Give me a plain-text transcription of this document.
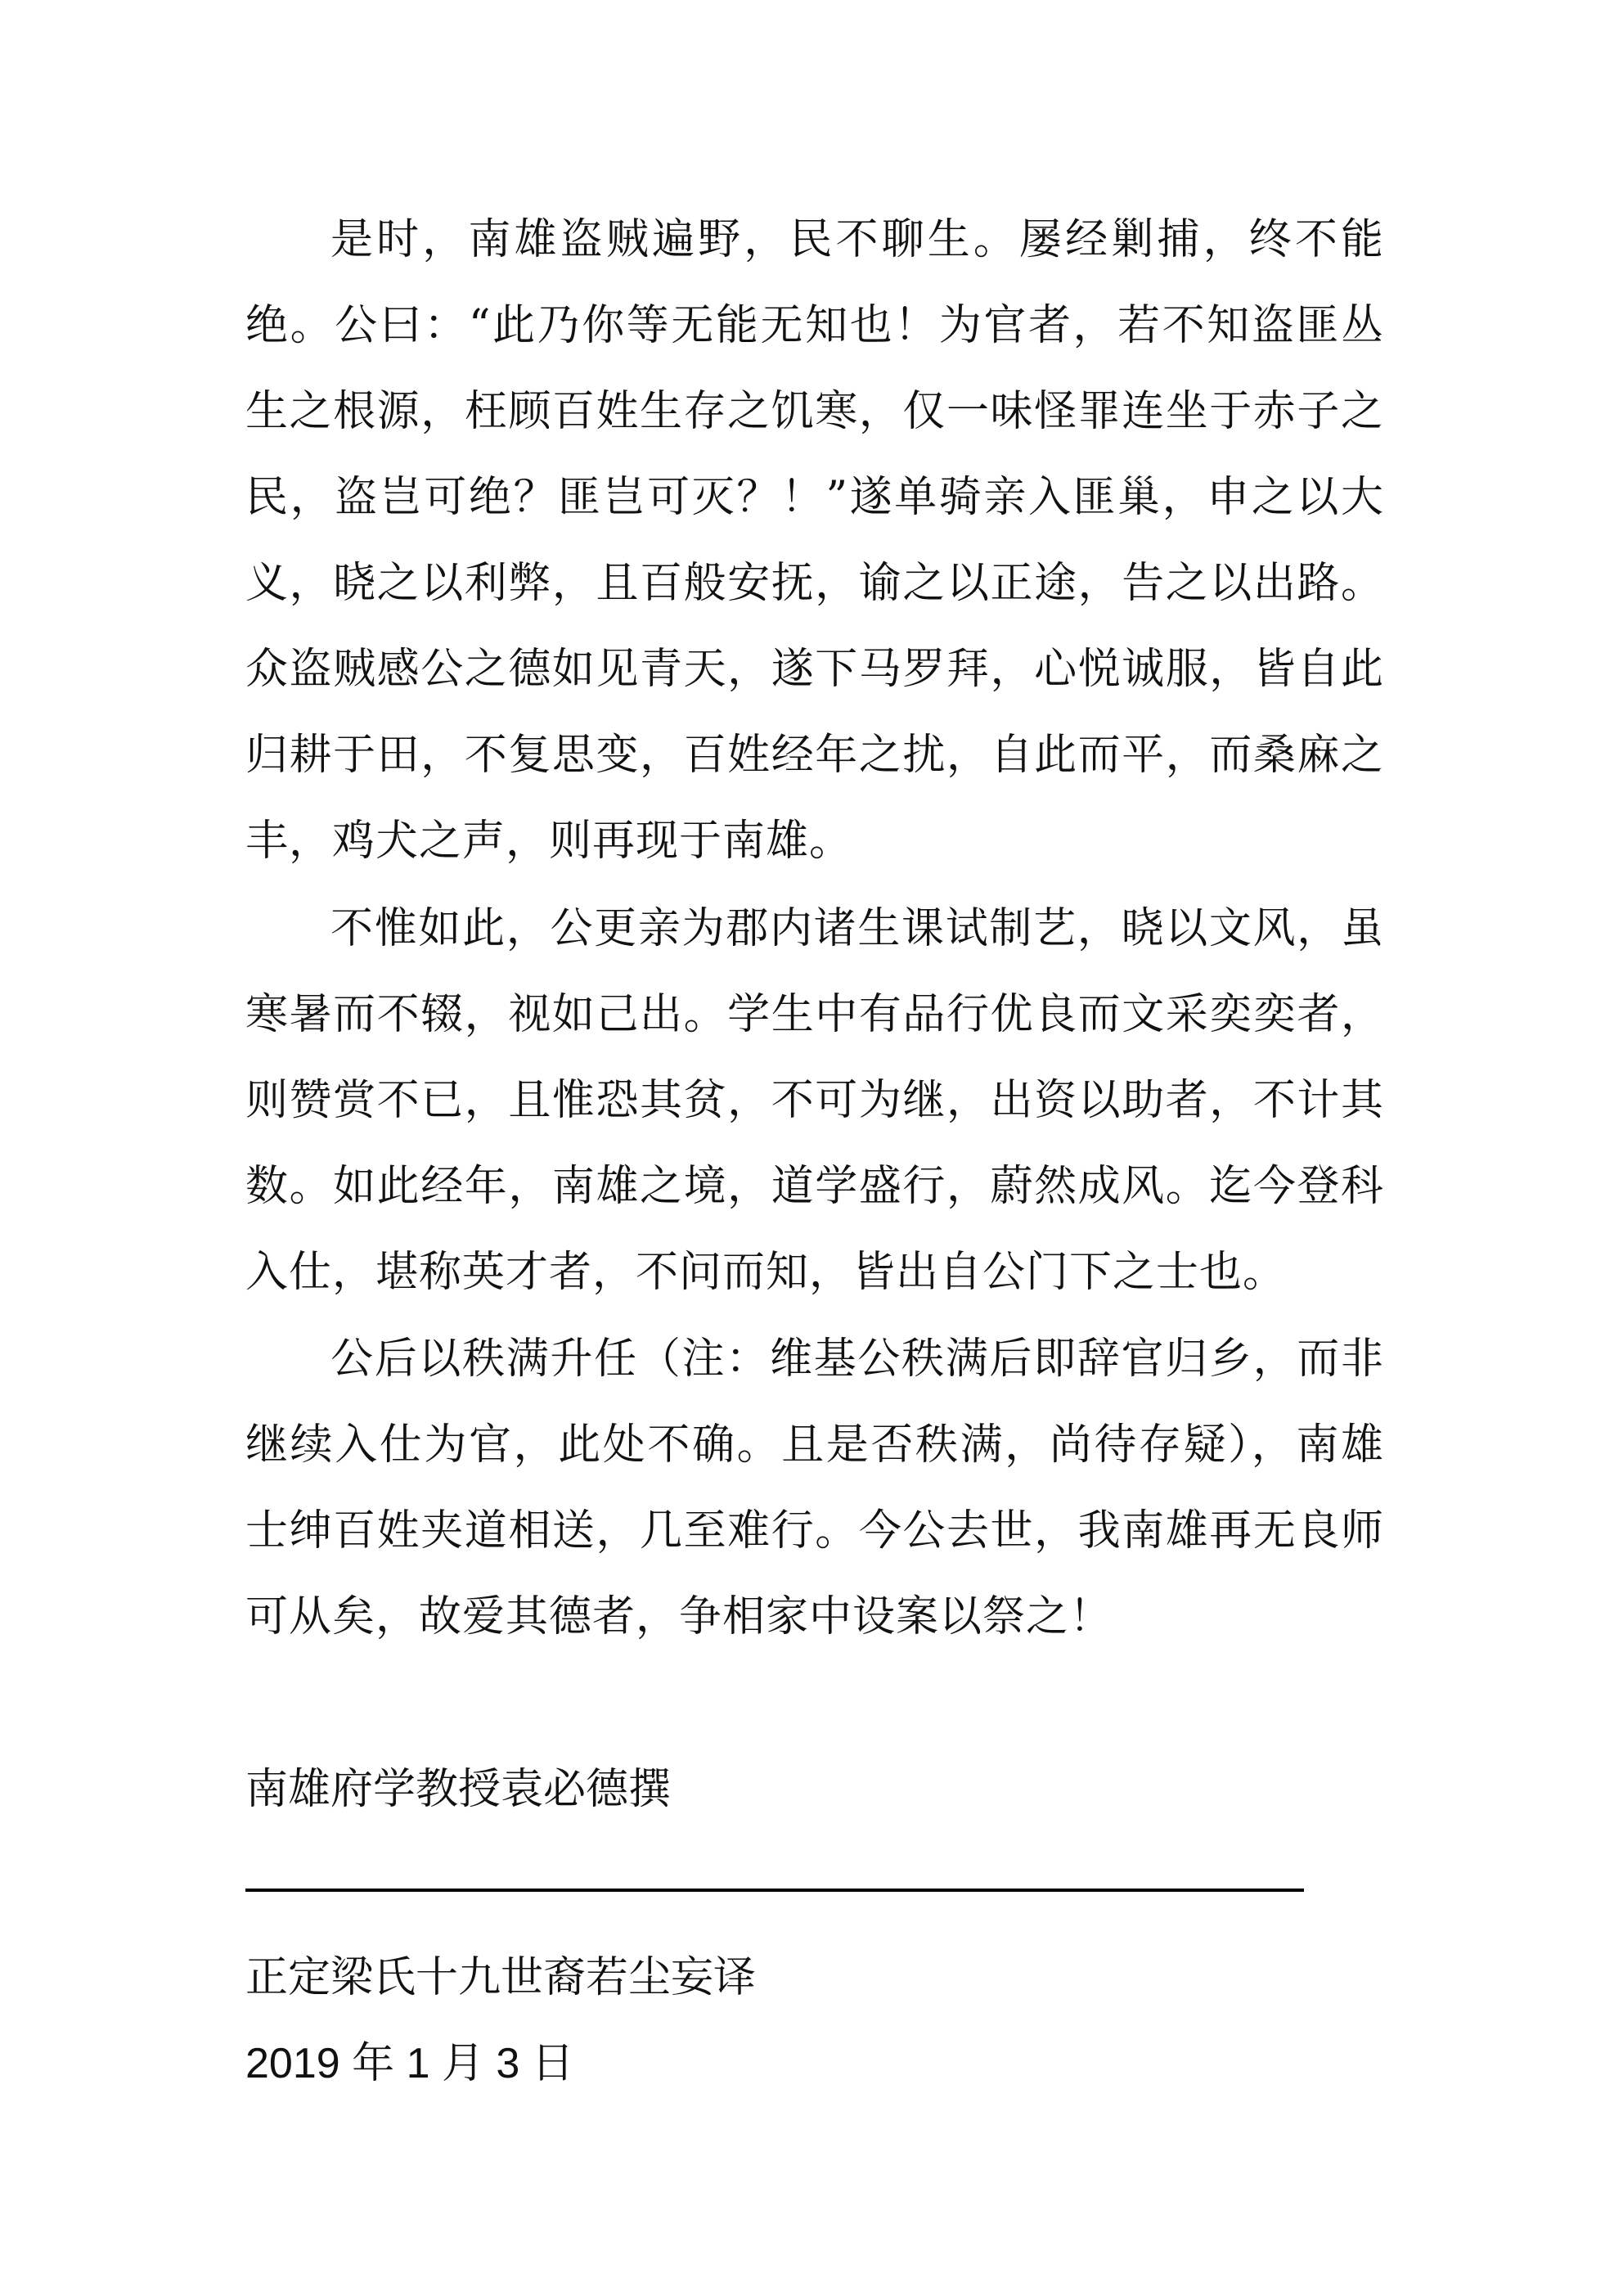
是时，南雄盗贼遍野，民不聊生。屡经剿捕，终不能绝。公曰：“此乃你等无能无知也！为官者，若不知盗匪丛生之根源，枉顾百姓生存之饥寒，仅一味怪罪连坐于赤子之民，盗岂可绝？匪岂可灭？！”遂单骑亲入匪巢，申之以大义，晓之以利弊，且百般安抚，谕之以正途，告之以出路。众盗贼感公之德如见青天，遂下马罗拜，心悦诚服，皆自此归耕于田，不复思变，百姓经年之扰，自此而平，而桑麻之丰，鸡犬之声，则再现于南雄。

不惟如此，公更亲为郡内诸生课试制艺，晓以文风，虽寒暑而不辍，视如己出。学生中有品行优良而文采奕奕者，则赞赏不已，且惟恐其贫，不可为继，出资以助者，不计其数。如此经年，南雄之境，道学盛行，蔚然成风。迄今登科入仕，堪称英才者，不问而知，皆出自公门下之士也。

公后以秩满升任（注：维基公秩满后即辞官归乡，而非继续入仕为官，此处不确。且是否秩满，尚待存疑），南雄士绅百姓夹道相送，几至难行。今公去世，我南雄再无良师可从矣，故爱其德者，争相家中设案以祭之！

南雄府学教授袁必德撰

正定梁氏十九世裔若尘妄译

2019 年 1 月 3 日
